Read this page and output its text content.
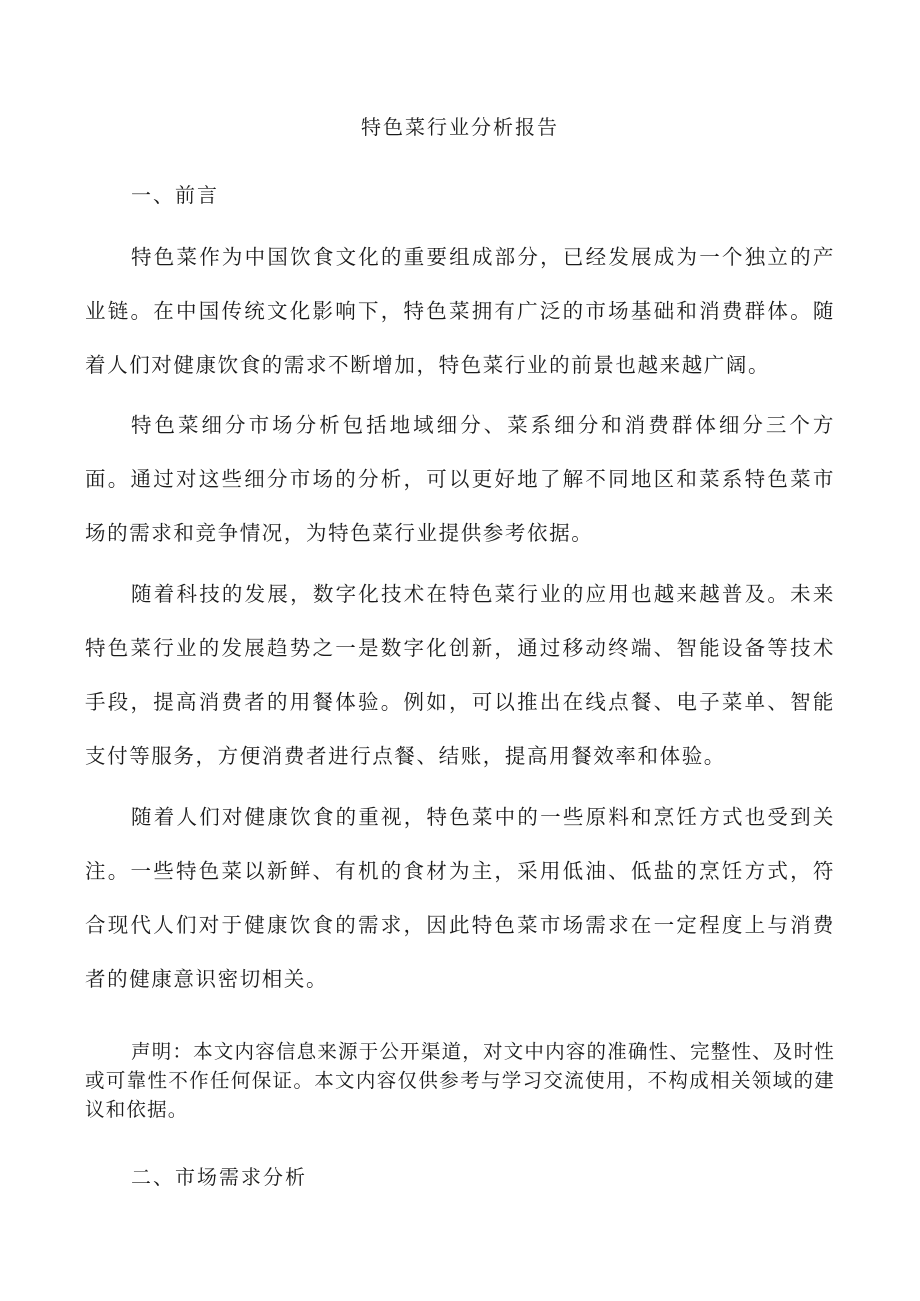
特色菜行业分析报告
一、前言

特色菜作为中国饮食文化的重要组成部分，已经发展成为一个独立的产业链。在中国传统文化影响下，特色菜拥有广泛的市场基础和消费群体。随着人们对健康饮食的需求不断增加，特色菜行业的前景也越来越广阔。

特色菜细分市场分析包括地域细分、菜系细分和消费群体细分三个方面。通过对这些细分市场的分析，可以更好地了解不同地区和菜系特色菜市场的需求和竞争情况，为特色菜行业提供参考依据。

随着科技的发展，数字化技术在特色菜行业的应用也越来越普及。未来特色菜行业的发展趋势之一是数字化创新，通过移动终端、智能设备等技术手段，提高消费者的用餐体验。例如，可以推出在线点餐、电子菜单、智能支付等服务，方便消费者进行点餐、结账，提高用餐效率和体验。

随着人们对健康饮食的重视，特色菜中的一些原料和烹饪方式也受到关注。一些特色菜以新鲜、有机的食材为主，采用低油、低盐的烹饪方式，符合现代人们对于健康饮食的需求，因此特色菜市场需求在一定程度上与消费者的健康意识密切相关。

声明：本文内容信息来源于公开渠道，对文中内容的准确性、完整性、及时性或可靠性不作任何保证。本文内容仅供参考与学习交流使用，不构成相关领域的建议和依据。

二、市场需求分析
